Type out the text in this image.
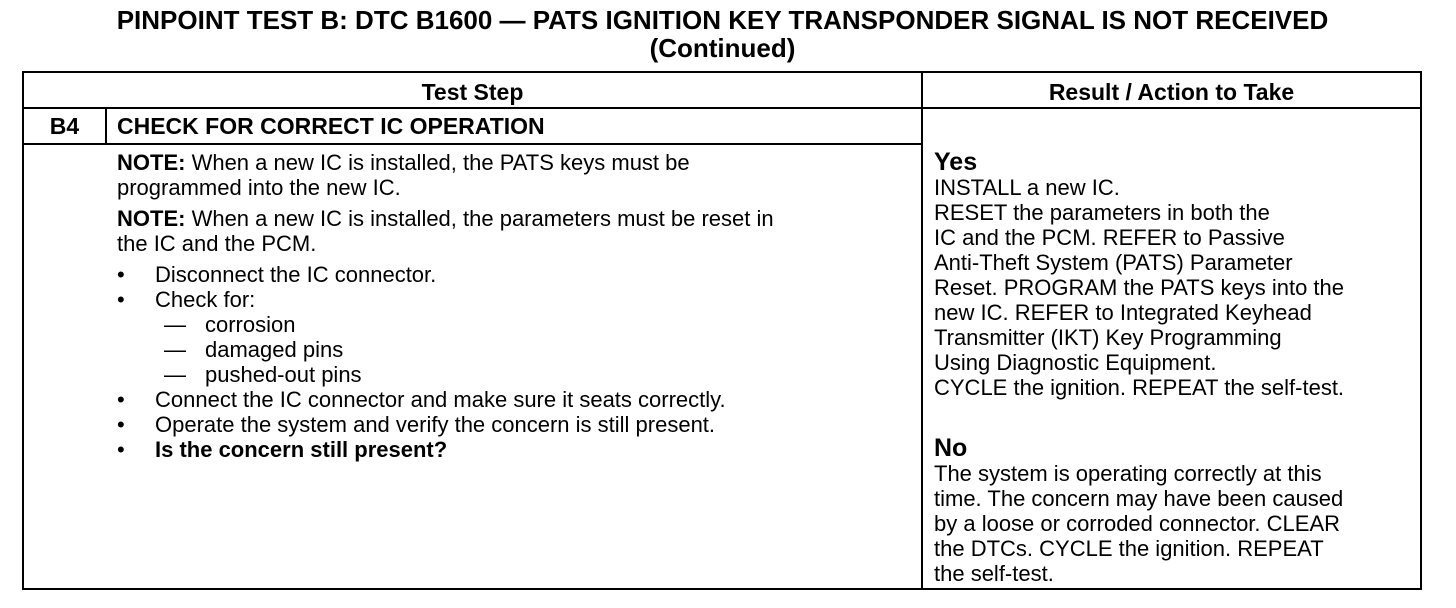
PINPOINT TEST B: DTC B1600 — PATS IGNITION KEY TRANSPONDER SIGNAL IS NOT RECEIVED
(Continued)
Test Step	Result / Action to Take
B4	CHECK FOR CORRECT IC OPERATION
NOTE: When a new IC is installed, the PATS keys must be
programmed into the new IC.
NOTE: When a new IC is installed, the parameters must be reset in
the IC and the PCM.
• Disconnect the IC connector.
• Check for:
— corrosion
— damaged pins
— pushed-out pins
• Connect the IC connector and make sure it seats correctly.
• Operate the system and verify the concern is still present.
• Is the concern still present?
Yes
INSTALL a new IC.
RESET the parameters in both the
IC and the PCM. REFER to Passive
Anti-Theft System (PATS) Parameter
Reset. PROGRAM the PATS keys into the
new IC. REFER to Integrated Keyhead
Transmitter (IKT) Key Programming
Using Diagnostic Equipment.
CYCLE the ignition. REPEAT the self-test.
No
The system is operating correctly at this
time. The concern may have been caused
by a loose or corroded connector. CLEAR
the DTCs. CYCLE the ignition. REPEAT
the self-test.
